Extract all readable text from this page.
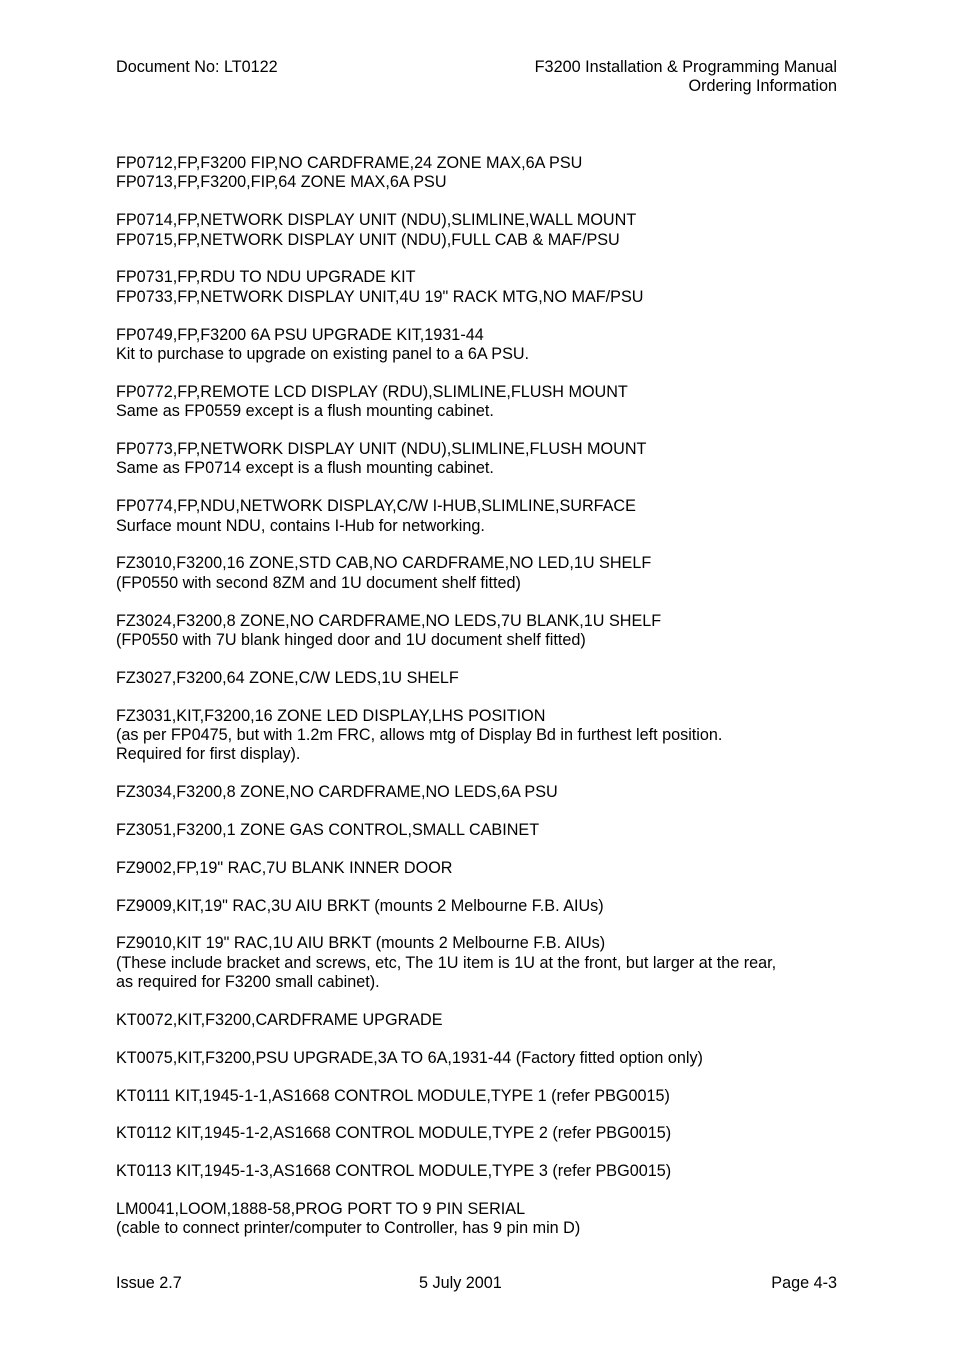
Document No: LT0122	F3200 Installation & Programming Manual
Ordering Information
FP0712,FP,F3200 FIP,NO CARDFRAME,24 ZONE MAX,6A PSU
FP0713,FP,F3200,FIP,64 ZONE MAX,6A PSU
FP0714,FP,NETWORK DISPLAY UNIT (NDU),SLIMLINE,WALL MOUNT
FP0715,FP,NETWORK DISPLAY UNIT (NDU),FULL CAB & MAF/PSU
FP0731,FP,RDU TO NDU UPGRADE KIT
FP0733,FP,NETWORK DISPLAY UNIT,4U 19" RACK MTG,NO MAF/PSU
FP0749,FP,F3200 6A PSU UPGRADE KIT,1931-44
Kit to purchase to upgrade on existing panel to a 6A PSU.
FP0772,FP,REMOTE LCD DISPLAY (RDU),SLIMLINE,FLUSH MOUNT
Same as FP0559 except is a flush mounting cabinet.
FP0773,FP,NETWORK DISPLAY UNIT (NDU),SLIMLINE,FLUSH MOUNT
Same as FP0714 except is a flush mounting cabinet.
FP0774,FP,NDU,NETWORK DISPLAY,C/W I-HUB,SLIMLINE,SURFACE
Surface mount NDU, contains I-Hub for networking.
FZ3010,F3200,16 ZONE,STD CAB,NO CARDFRAME,NO LED,1U SHELF
(FP0550 with second 8ZM and 1U document shelf fitted)
FZ3024,F3200,8 ZONE,NO CARDFRAME,NO LEDS,7U BLANK,1U SHELF
(FP0550 with 7U blank hinged door and 1U document shelf fitted)
FZ3027,F3200,64 ZONE,C/W LEDS,1U SHELF
FZ3031,KIT,F3200,16 ZONE LED DISPLAY,LHS POSITION
(as per FP0475, but with 1.2m FRC, allows mtg of Display Bd in furthest left position.
Required for first display).
FZ3034,F3200,8 ZONE,NO CARDFRAME,NO LEDS,6A PSU
FZ3051,F3200,1 ZONE GAS CONTROL,SMALL CABINET
FZ9002,FP,19" RAC,7U BLANK INNER DOOR
FZ9009,KIT,19" RAC,3U AIU BRKT (mounts 2 Melbourne F.B. AIUs)
FZ9010,KIT 19" RAC,1U AIU BRKT (mounts 2 Melbourne F.B. AIUs)
(These include bracket and screws, etc, The 1U item is 1U at the front, but larger at the rear,
as required for F3200 small cabinet).
KT0072,KIT,F3200,CARDFRAME UPGRADE
KT0075,KIT,F3200,PSU UPGRADE,3A TO 6A,1931-44 (Factory fitted option only)
KT0111 KIT,1945-1-1,AS1668 CONTROL MODULE,TYPE 1 (refer PBG0015)
KT0112 KIT,1945-1-2,AS1668 CONTROL MODULE,TYPE 2 (refer PBG0015)
KT0113 KIT,1945-1-3,AS1668 CONTROL MODULE,TYPE 3 (refer PBG0015)
LM0041,LOOM,1888-58,PROG PORT TO 9 PIN SERIAL
(cable to connect printer/computer to Controller, has 9 pin min D)
Issue 2.7	5 July 2001	Page 4-3
